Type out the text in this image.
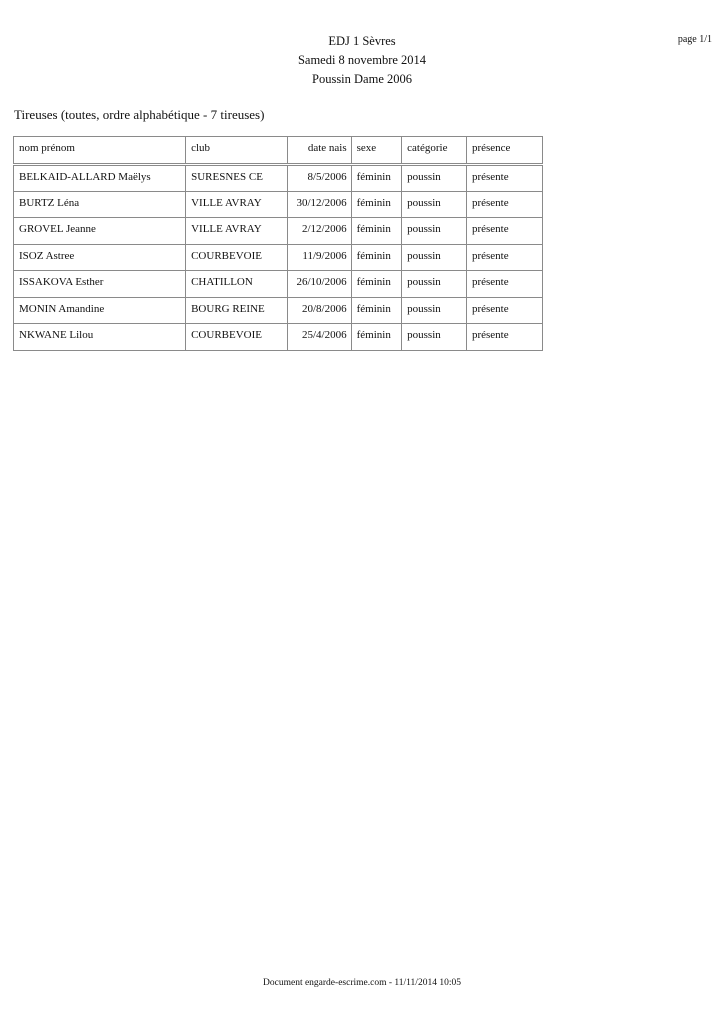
page 1/1
EDJ 1 Sèvres
Samedi 8 novembre 2014
Poussin Dame 2006
Tireuses (toutes, ordre alphabétique - 7 tireuses)
nom prénom	club	date nais	sexe	catégorie	présence
BELKAID-ALLARD Maëlys	SURESNES CE	8/5/2006	féminin	poussin	présente
BURTZ Léna	VILLE AVRAY	30/12/2006	féminin	poussin	présente
GROVEL Jeanne	VILLE AVRAY	2/12/2006	féminin	poussin	présente
ISOZ Astree	COURBEVOIE	11/9/2006	féminin	poussin	présente
ISSAKOVA Esther	CHATILLON	26/10/2006	féminin	poussin	présente
MONIN Amandine	BOURG REINE	20/8/2006	féminin	poussin	présente
NKWANE Lilou	COURBEVOIE	25/4/2006	féminin	poussin	présente
Document engarde-escrime.com - 11/11/2014 10:05
